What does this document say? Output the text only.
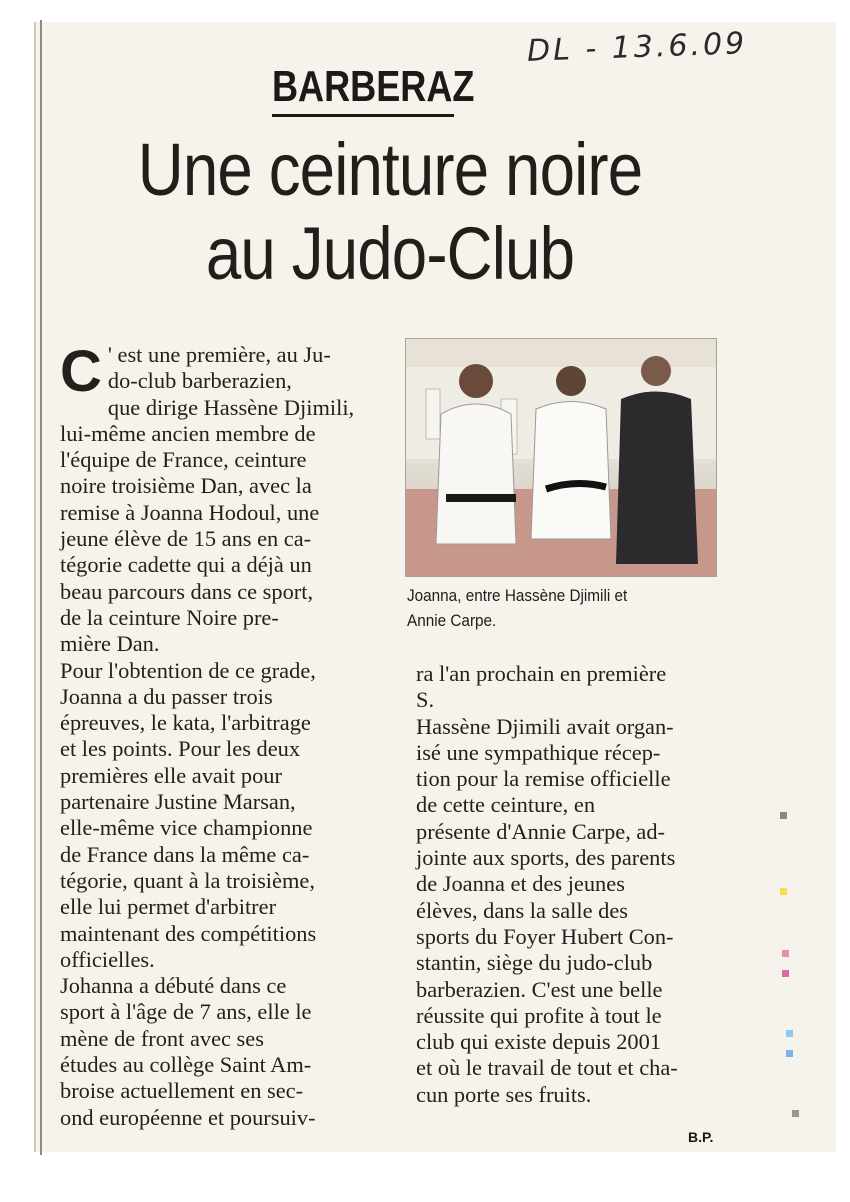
DL - 13.6.09
BARBERAZ
Une ceinture noire
au Judo-Club
C ' est une première, au Ju-
do-club barberazien,
que dirige Hassène Djimili,
lui-même ancien membre de
l'équipe de France, ceinture
noire troisième Dan, avec la
remise à Joanna Hodoul, une
jeune élève de 15 ans en ca-
tégorie cadette qui a déjà un
beau parcours dans ce sport,
de la ceinture Noire pre-
mière Dan.
Pour l'obtention de ce grade,
Joanna a du passer trois
épreuves, le kata, l'arbitrage
et les points. Pour les deux
premières elle avait pour
partenaire Justine Marsan,
elle-même vice championne
de France dans la même ca-
tégorie, quant à la troisième,
elle lui permet d'arbitrer
maintenant des compétitions
officielles.
Johanna a débuté dans ce
sport à l'âge de 7 ans, elle le
mène de front avec ses
études au collège Saint Am-
broise actuellement en sec-
ond européenne et poursuiv-
Joanna, entre Hassène Djimili et
Annie Carpe.
ra l'an prochain en première
S.
Hassène Djimili avait organ-
isé une sympathique récep-
tion pour la remise officielle
de cette ceinture, en
présente d'Annie Carpe, ad-
jointe aux sports, des parents
de Joanna et des jeunes
élèves, dans la salle des
sports du Foyer Hubert Con-
stantin, siège du judo-club
barberazien. C'est une belle
réussite qui profite à tout le
club qui existe depuis 2001
et où le travail de tout et cha-
cun porte ses fruits.
B.P.
